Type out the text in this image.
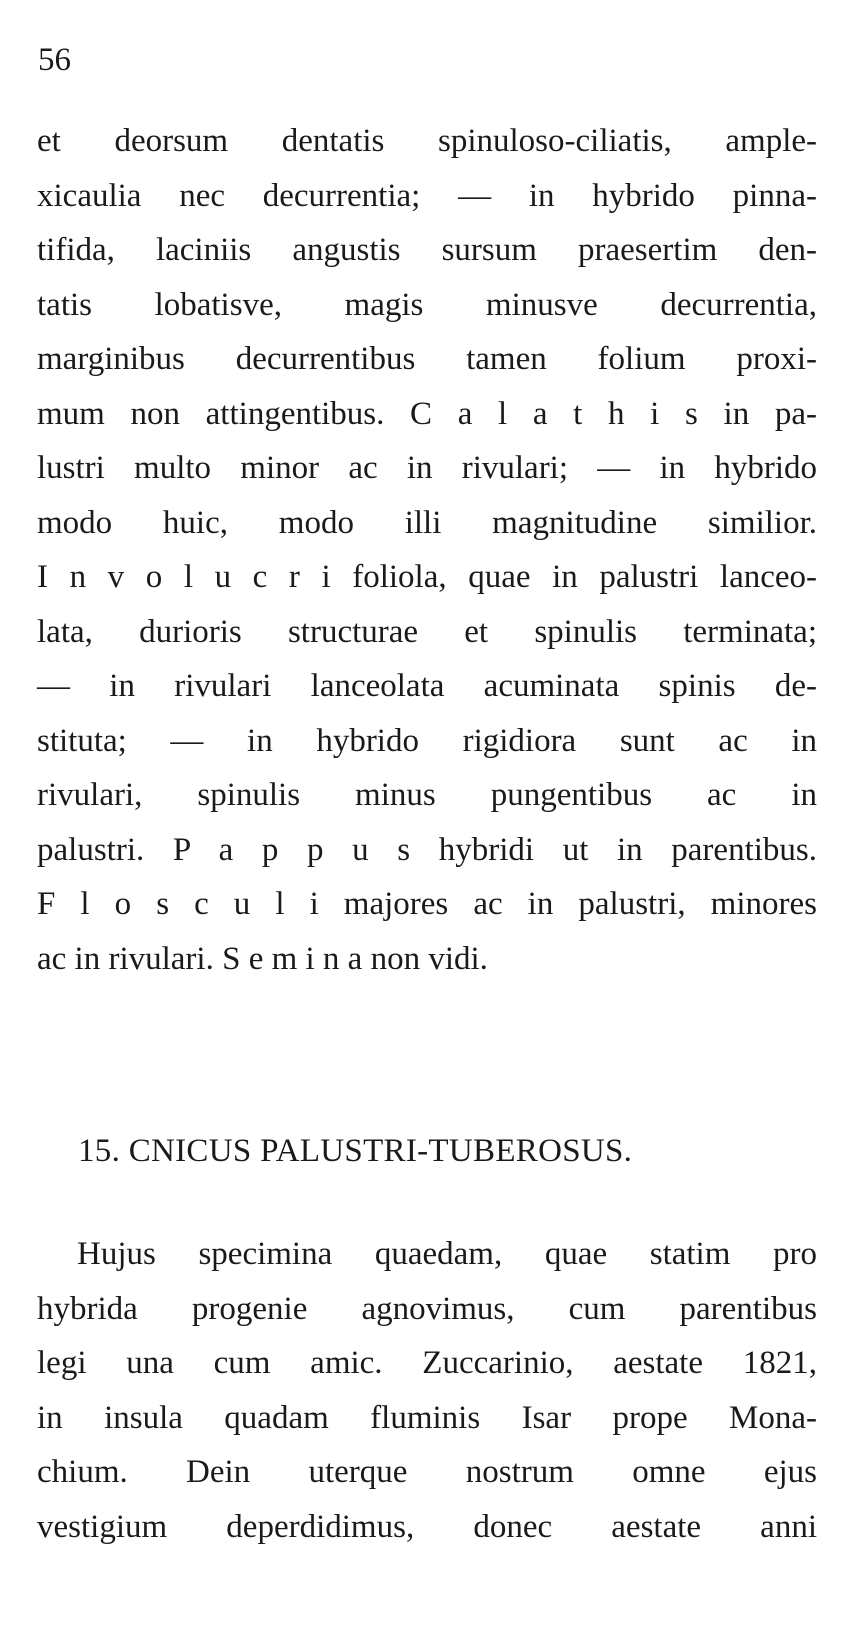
56
et deorsum dentatis spinuloso-ciliatis, ample-
xicaulia nec decurrentia; — in hybrido pinna-
tifida, laciniis angustis sursum praesertim den-
tatis lobatisve, magis minusve decurrentia,
marginibus decurrentibus tamen folium proxi-
mum non attingentibus. C a l a t h i s in pa-
lustri multo minor ac in rivulari; — in hybrido
modo huic, modo illi magnitudine similior.
I n v o l u c r i foliola, quae in palustri lanceo-
lata, durioris structurae et spinulis terminata;
— in rivulari lanceolata acuminata spinis de-
stituta; — in hybrido rigidiora sunt ac in
rivulari, spinulis minus pungentibus ac in
palustri. P a p p u s hybridi ut in parentibus.
F l o s c u l i majores ac in palustri, minores
ac in rivulari. S e m i n a non vidi.
15. CNICUS PALUSTRI-TUBEROSUS.
Hujus specimina quaedam, quae statim pro
hybrida progenie agnovimus, cum parentibus
legi una cum amic. Zuccarinio, aestate 1821,
in insula quadam fluminis Isar prope Mona-
chium. Dein uterque nostrum omne ejus
vestigium deperdidimus, donec aestate anni
